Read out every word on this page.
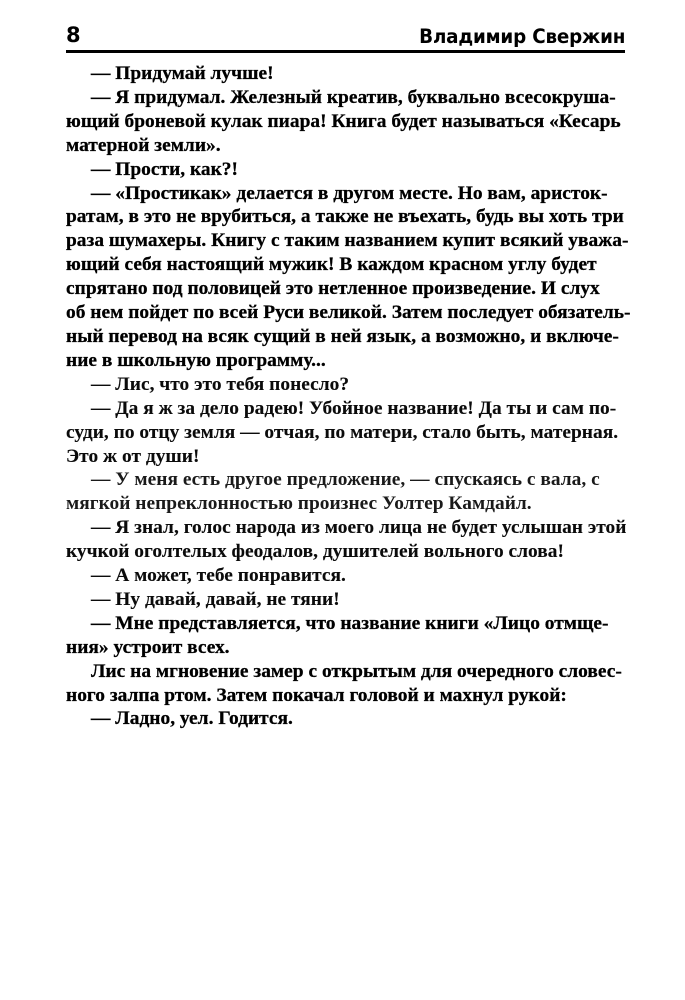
8	Владимир Свержин

— Придумай лучше!

— Я придумал. Железный креатив, буквально всесокруша-
ющий броневой кулак пиара! Книга будет называться «Кесарь
матерной земли».

— Прости, как?!

— «Простикак» делается в другом месте. Но вам, аристок-
ратам, в это не врубиться, а также не въехать, будь вы хоть три
раза шумахеры. Книгу с таким названием купит всякий уважа-
ющий себя настоящий мужик! В каждом красном углу будет
спрятано под половицей это нетленное произведение. И слух
об нем пойдет по всей Руси великой. Затем последует обязатель-
ный перевод на всяк сущий в ней язык, а возможно, и включе-
ние в школьную программу...

— Лис, что это тебя понесло?

— Да я ж за дело радею! Убойное название! Да ты и сам по-
суди, по отцу земля — отчая, по матери, стало быть, матерная.
Это ж от души!

— У меня есть другое предложение, — спускаясь с вала, с
мягкой непреклонностью произнес Уолтер Камдайл.

— Я знал, голос народа из моего лица не будет услышан этой
кучкой оголтелых феодалов, душителей вольного слова!

— А может, тебе понравится.

— Ну давай, давай, не тяни!

— Мне представляется, что название книги «Лицо отмще-
ния» устроит всех.

Лис на мгновение замер с открытым для очередного словес-
ного залпа ртом. Затем покачал головой и махнул рукой:

— Ладно, уел. Годится.
